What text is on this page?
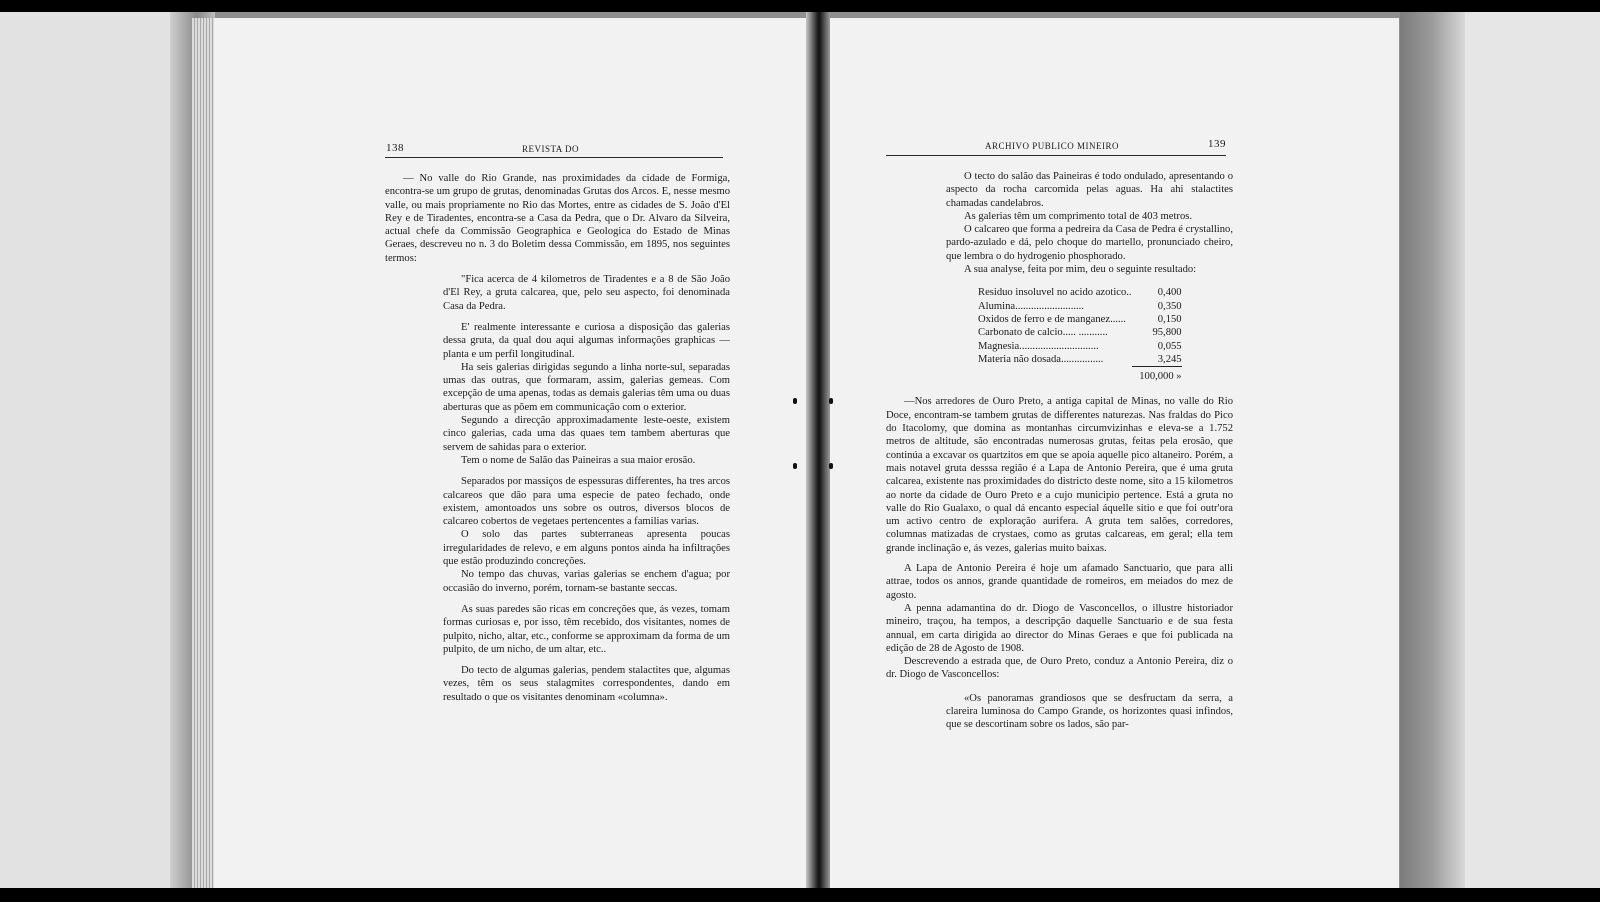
138	REVISTA DO	ARCHIVO PUBLICO MINEIRO	139

— No valle do Rio Grande, nas proximidades da cidade de Formiga, encontra-se um grupo de grutas, denominadas Grutas dos Arcos. E, nesse mesmo valle, ou mais propriamente no Rio das Mortes, entre as cidades de S. João d'El Rey e de Tiradentes, encontra-se a Casa da Pedra, que o Dr. Alvaro da Silveira, actual chefe da Commissão Geographica e Geologica do Estado de Minas Geraes, descreveu no n. 3 do Boletim dessa Commissão, em 1895, nos seguintes termos:

"Fica acerca de 4 kilometros de Tiradentes e a 8 de São João d'El Rey, a gruta calcarea, que, pelo seu aspecto, foi denominada Casa da Pedra.

E' realmente interessante e curiosa a disposição das galerias dessa gruta, da qual dou aqui algumas informações graphicas — planta e um perfil longitudinal.

Ha seis galerias dirigidas segundo a linha norte-sul, separadas umas das outras, que formaram, assim, galerias gemeas. Com excepção de uma apenas, todas as demais galerias têm uma ou duas aberturas que as põem em communicação com o exterior.

Segundo a direcção approximadamente leste-oeste, existem cinco galerias, cada uma das quaes tem tambem aberturas que servem de sahidas para o exterior.

Tem o nome de Salão das Paineiras a sua maior erosão.

Separados por massiços de espessuras differentes, ha tres arcos calcareos que dão para uma especie de pateo fechado, onde existem, amontoados uns sobre os outros, diversos blocos de calcareo cobertos de vegetaes pertencentes a familias varias.

O solo das partes subterraneas apresenta poucas irregularidades de relevo, e em alguns pontos ainda ha infiltrações que estão produzindo concreções.

No tempo das chuvas, varias galerias se enchem d'agua; por occasião do inverno, porém, tornam-se bastante seccas.

As suas paredes são ricas em concreções que, ás vezes, tomam formas curiosas e, por isso, têm recebido, dos visitantes, nomes de pulpito, nicho, altar, etc., conforme se approximam da forma de um pulpito, de um nicho, de um altar, etc..

Do tecto de algumas galerias, pendem stalactites que, algumas vezes, têm os seus stalagmites correspondentes, dando em resultado o que os visitantes denominam «columna».

O tecto do salão das Paineiras é todo ondulado, apresentando o aspecto da rocha carcomida pelas aguas. Ha ahi stalactites chamadas candelabros.

As galerias têm um comprimento total de 403 metros.

O calcareo que forma a pedreira da Casa de Pedra é crystallino, pardo-azulado e dá, pelo choque do martello, pronunciado cheiro, que lembra o do hydrogenio phosphorado.

A sua analyse, feita por mim, deu o seguinte resultado:

Residuo insoluvel no acido azotico..	0,400
Alumina..........................	0,350
Oxidos de ferro e de manganez......	0,150
Carbonato de calcio..... ...........	95,800
Magnesia..............................	0,055
Materia não dosada................	3,245
	100,000 »

—Nos arredores de Ouro Preto, a antiga capital de Minas, no valle do Rio Doce, encontram-se tambem grutas de differentes naturezas. Nas fraldas do Pico do Itacolomy, que domina as montanhas circumvizinhas e eleva-se a 1.752 metros de altitude, são encontradas numerosas grutas, feitas pela erosão, que continúa a excavar os quartzitos em que se apoia aquelle pico altaneiro. Porém, a mais notavel gruta desssa região é a Lapa de Antonio Pereira, que é uma gruta calcarea, existente nas proximidades do districto deste nome, sito a 15 kilometros ao norte da cidade de Ouro Preto e a cujo municipio pertence. Está a gruta no valle do Rio Gualaxo, o qual dá encanto especial áquelle sitio e que foi outr'ora um activo centro de exploração aurifera. A gruta tem salões, corredores, columnas matizadas de crystaes, como as grutas calcareas, em geral; ella tem grande inclinação e, ás vezes, galerias muito baixas.

A Lapa de Antonio Pereira é hoje um afamado Sanctuario, que para alli attrae, todos os annos, grande quantidade de romeiros, em meiados do mez de agosto.

A penna adamantina do dr. Diogo de Vasconcellos, o illustre historiador mineiro, traçou, ha tempos, a descripção daquelle Sanctuario e de sua festa annual, em carta dirigida ao director do Minas Geraes e que foi publicada na edição de 28 de Agosto de 1908.

Descrevendo a estrada que, de Ouro Preto, conduz a Antonio Pereira, diz o dr. Diogo de Vasconcellos:

«Os panoramas grandiosos que se desfructam da serra, a clareira luminosa do Campo Grande, os horizontes quasi infindos, que se descortinam sobre os lados, são par-
